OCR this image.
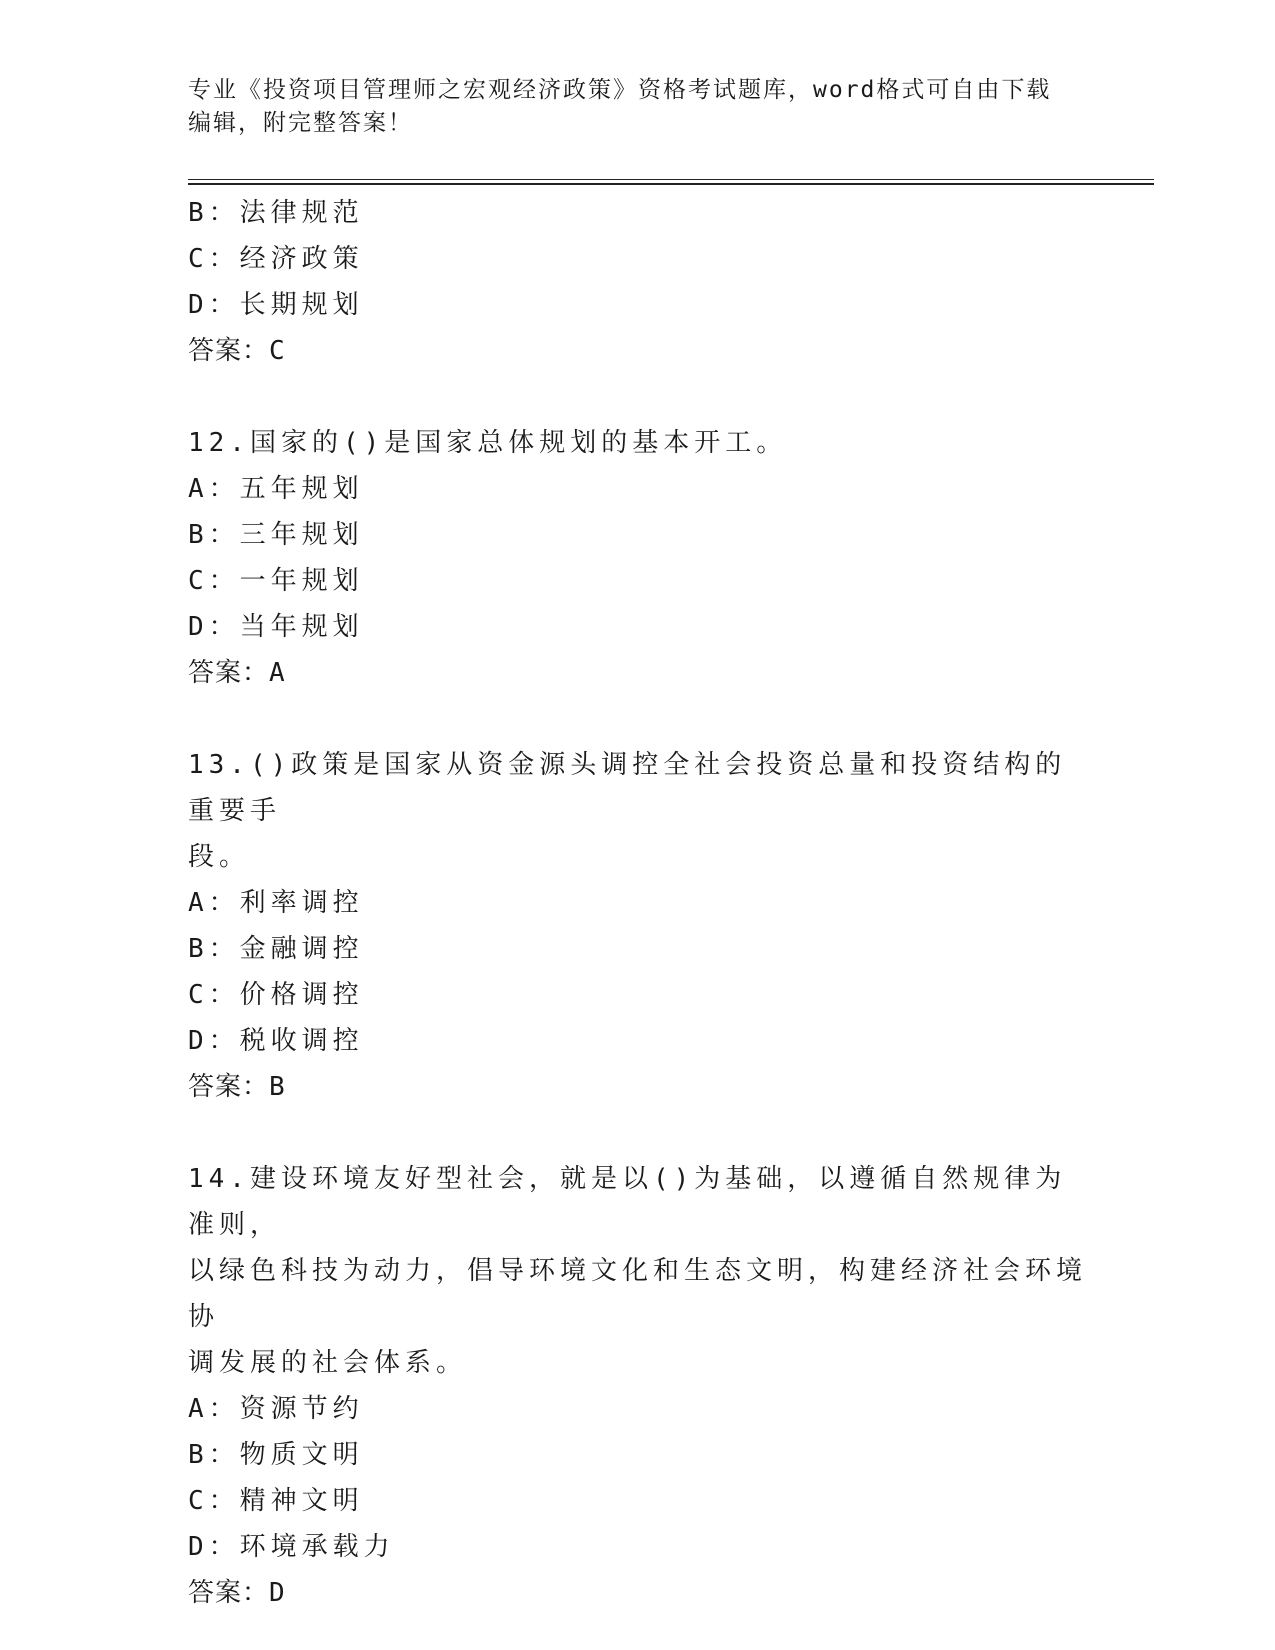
专业《投资项目管理师之宏观经济政策》资格考试题库，word格式可自由下载编辑，附完整答案！
B：法律规范
C：经济政策
D：长期规划
答案：C
12.国家的()是国家总体规划的基本开工。
A：五年规划
B：三年规划
C：一年规划
D：当年规划
答案：A
13.()政策是国家从资金源头调控全社会投资总量和投资结构的重要手
段。
A：利率调控
B：金融调控
C：价格调控
D：税收调控
答案：B
14.建设环境友好型社会，就是以()为基础，以遵循自然规律为准则，
以绿色科技为动力，倡导环境文化和生态文明，构建经济社会环境协
调发展的社会体系。
A：资源节约
B：物质文明
C：精神文明
D：环境承载力
答案：D
